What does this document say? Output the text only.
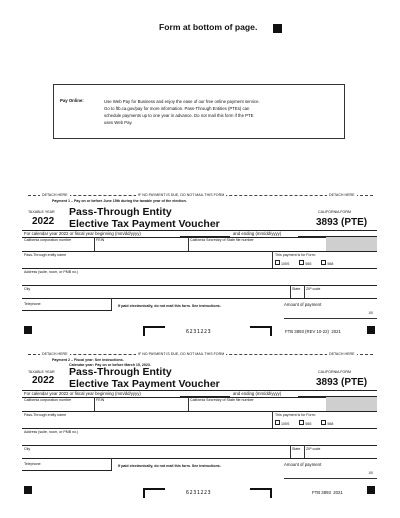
Form at bottom of page.
Pay Online:	Use Web Pay for Business and enjoy the ease of our free online payment service.
Go to ftb.ca.gov/pay for more information. Pass-Through Entities (PTEs) can
schedule payments up to one year in advance. Do not mail this form if the PTE
uses Web Pay.
DETACH HERE	IF NO PAYMENT IS DUE, DO NOT MAIL THIS FORM	DETACH HERE
Payment 1 – Pay on or before June 15th during the taxable year of the election.
TAXABLE YEAR
2022
Pass-Through Entity
Elective Tax Payment Voucher
CALIFORNIA FORM
3893 (PTE)
For calendar year 2022 or fiscal year beginning (mm/dd/yyyy)	and ending (mm/dd/yyyy)
California corporation number	FEIN	California Secretary of State file number
Pass-Through entity name	This payment is for Form:
100S	565	568
Address (suite, room, or PMB no.)
City	State ZIP code
Telephone	If paid electronically, do not mail this form. See instructions.	Amount of payment
.00
6231223	FTB 3893 (REV 10-22)  2021
DETACH HERE	IF NO PAYMENT IS DUE, DO NOT MAIL THIS FORM	DETACH HERE
Payment 2 – Fiscal year: See instructions.
Calendar year: Pay on or before March 15, 2023.
TAXABLE YEAR
2022
Pass-Through Entity
Elective Tax Payment Voucher
CALIFORNIA FORM
3893 (PTE)
For calendar year 2022 or fiscal year beginning (mm/dd/yyyy)	and ending (mm/dd/yyyy)
California corporation number	FEIN	California Secretary of State file number
Pass-Through entity name	This payment is for Form:
100S	565	568
Address (suite, room, or PMB no.)
City	State ZIP code
Telephone	If paid electronically, do not mail this form. See instructions.	Amount of payment
.00
6231223	FTB 3893  2021
